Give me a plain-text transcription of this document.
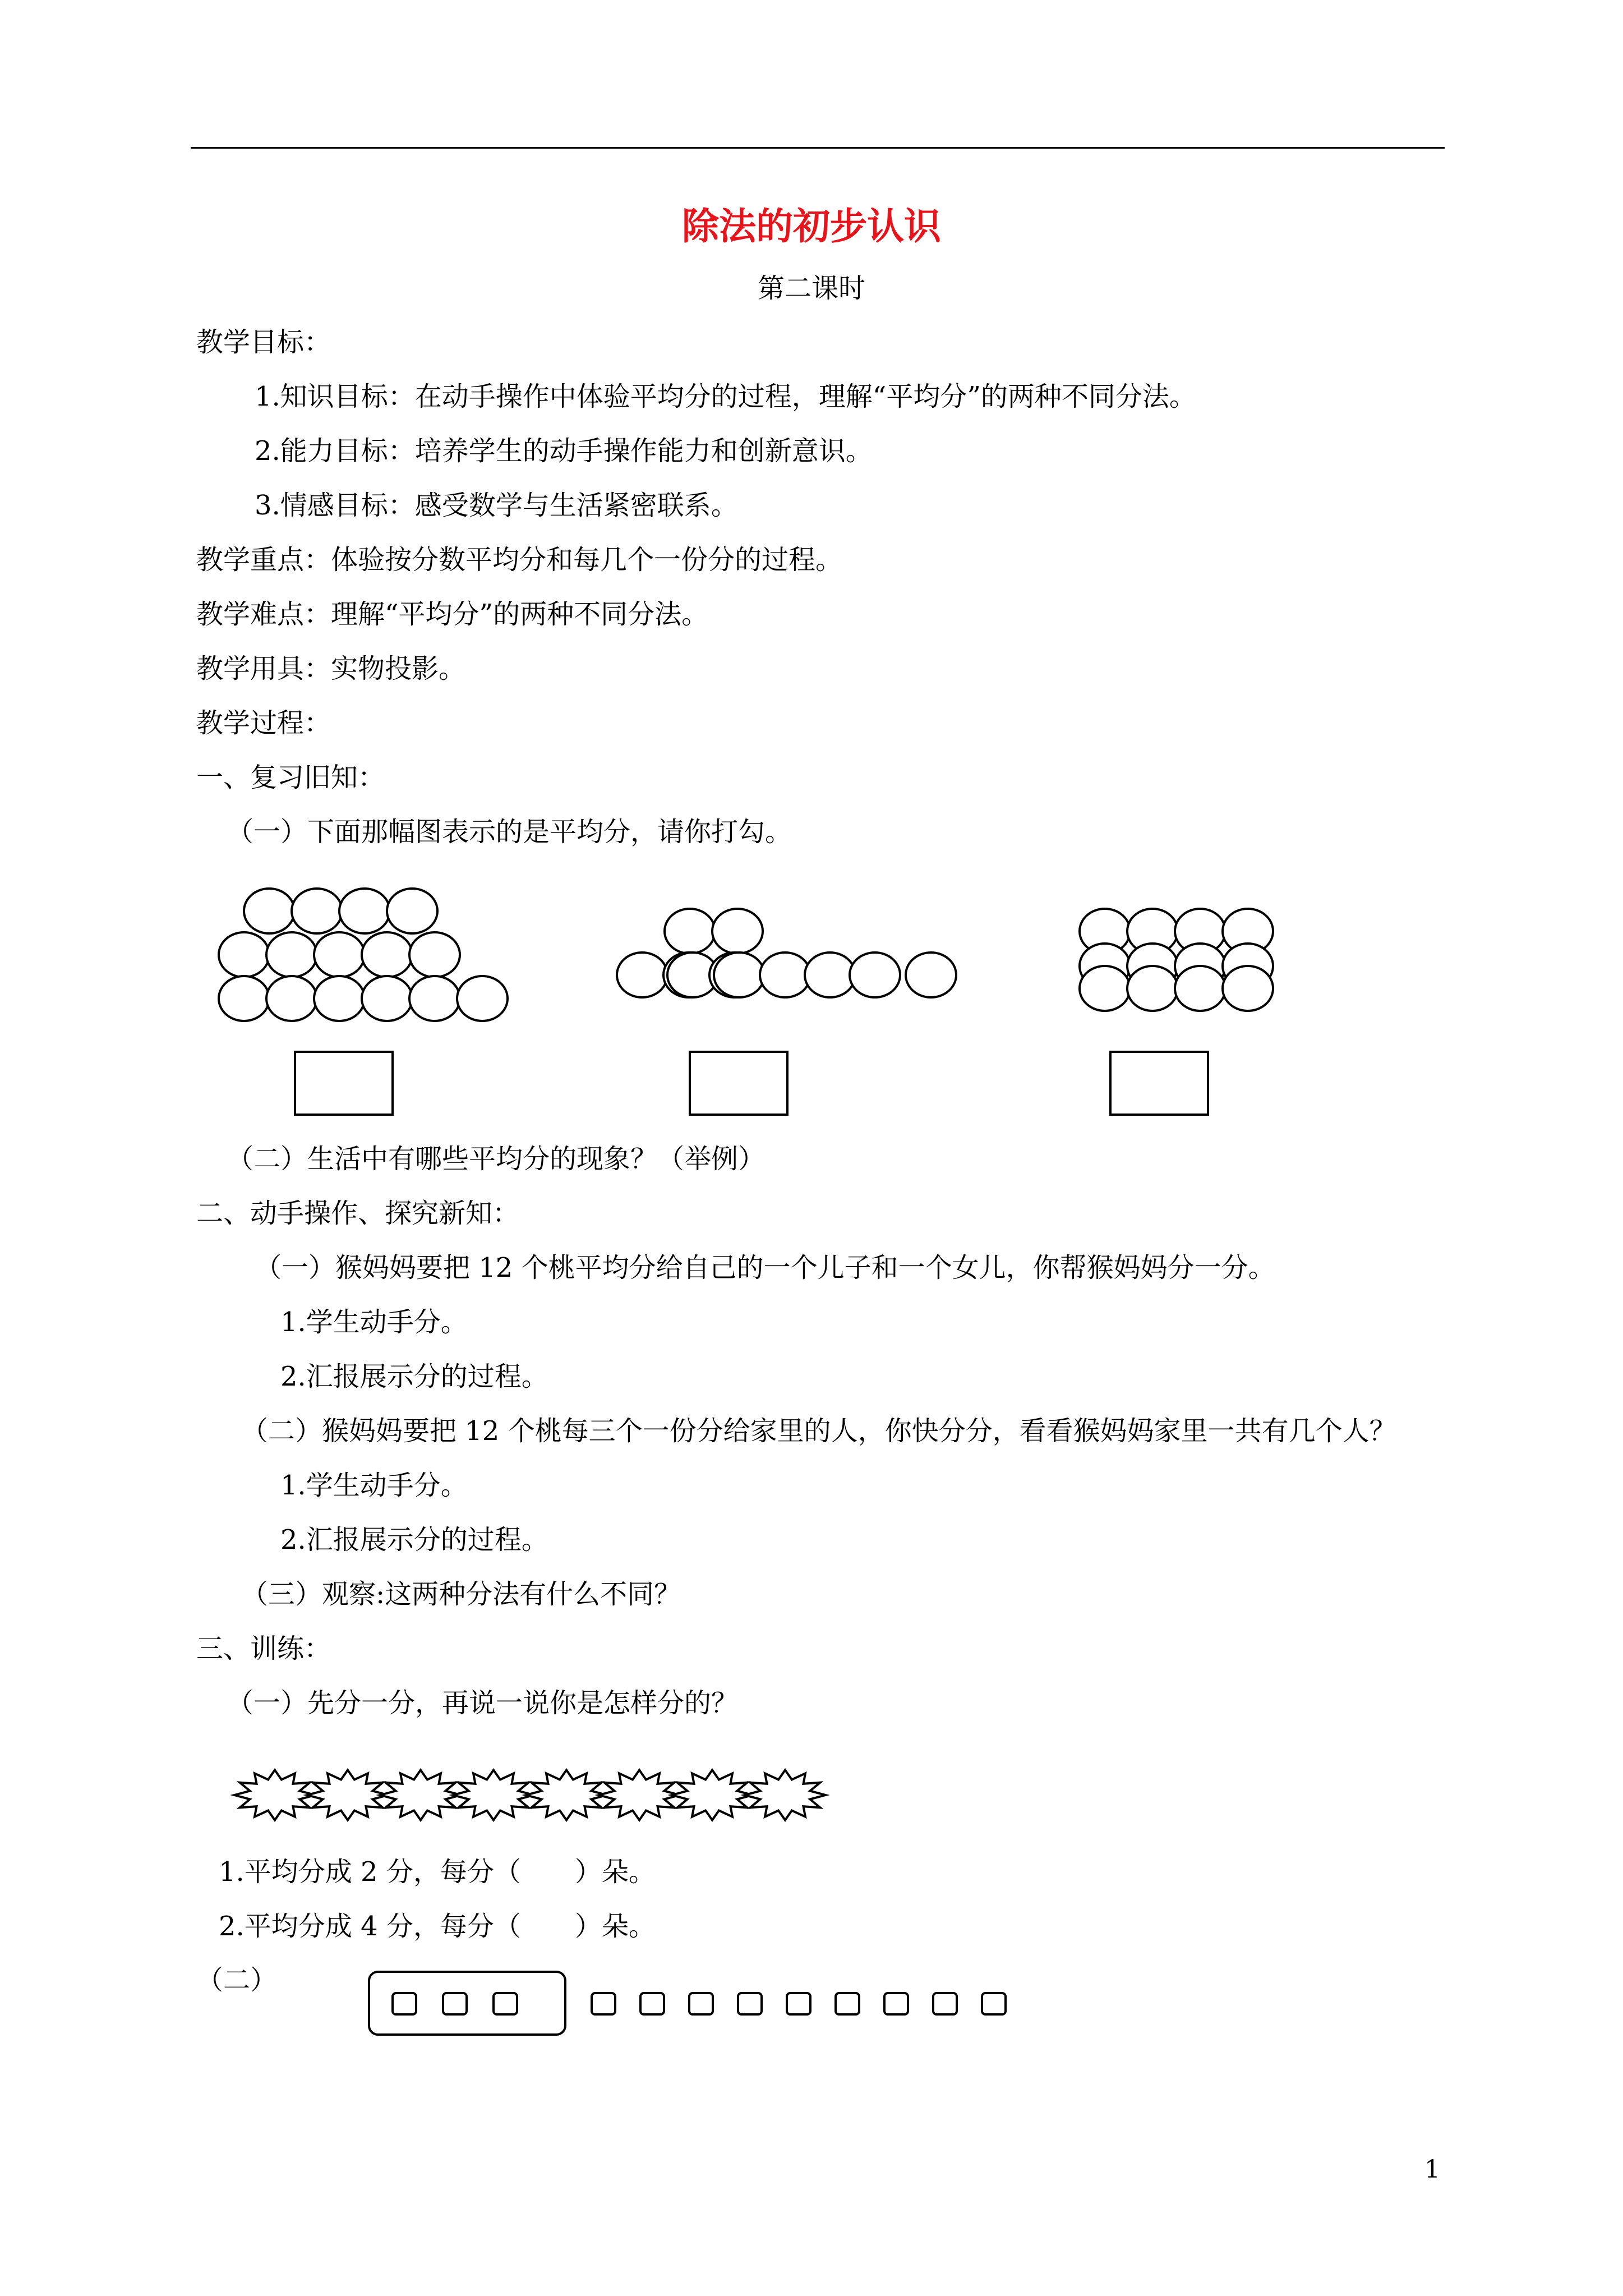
除法的初步认识
第二课时
教学目标：
1.知识目标：在动手操作中体验平均分的过程，理解“平均分”的两种不同分法。
2.能力目标：培养学生的动手操作能力和创新意识。
3.情感目标：感受数学与生活紧密联系。
教学重点：体验按分数平均分和每几个一份分的过程。
教学难点：理解“平均分”的两种不同分法。
教学用具：实物投影。
教学过程：
一、复习旧知：
（一）下面那幅图表示的是平均分，请你打勾。
（二）生活中有哪些平均分的现象？（举例）
二、动手操作、探究新知：
（一）猴妈妈要把 12 个桃平均分给自己的一个儿子和一个女儿，你帮猴妈妈分一分。
1.学生动手分。
2.汇报展示分的过程。
（二）猴妈妈要把 12 个桃每三个一份分给家里的人，你快分分，看看猴妈妈家里一共有几个人？
1.学生动手分。
2.汇报展示分的过程。
（三）观察:这两种分法有什么不同？
三、训练：
（一）先分一分，再说一说你是怎样分的？
1.平均分成 2 分，每分（　　）朵。
2.平均分成 4 分，每分（　　）朵。
（二）
1
